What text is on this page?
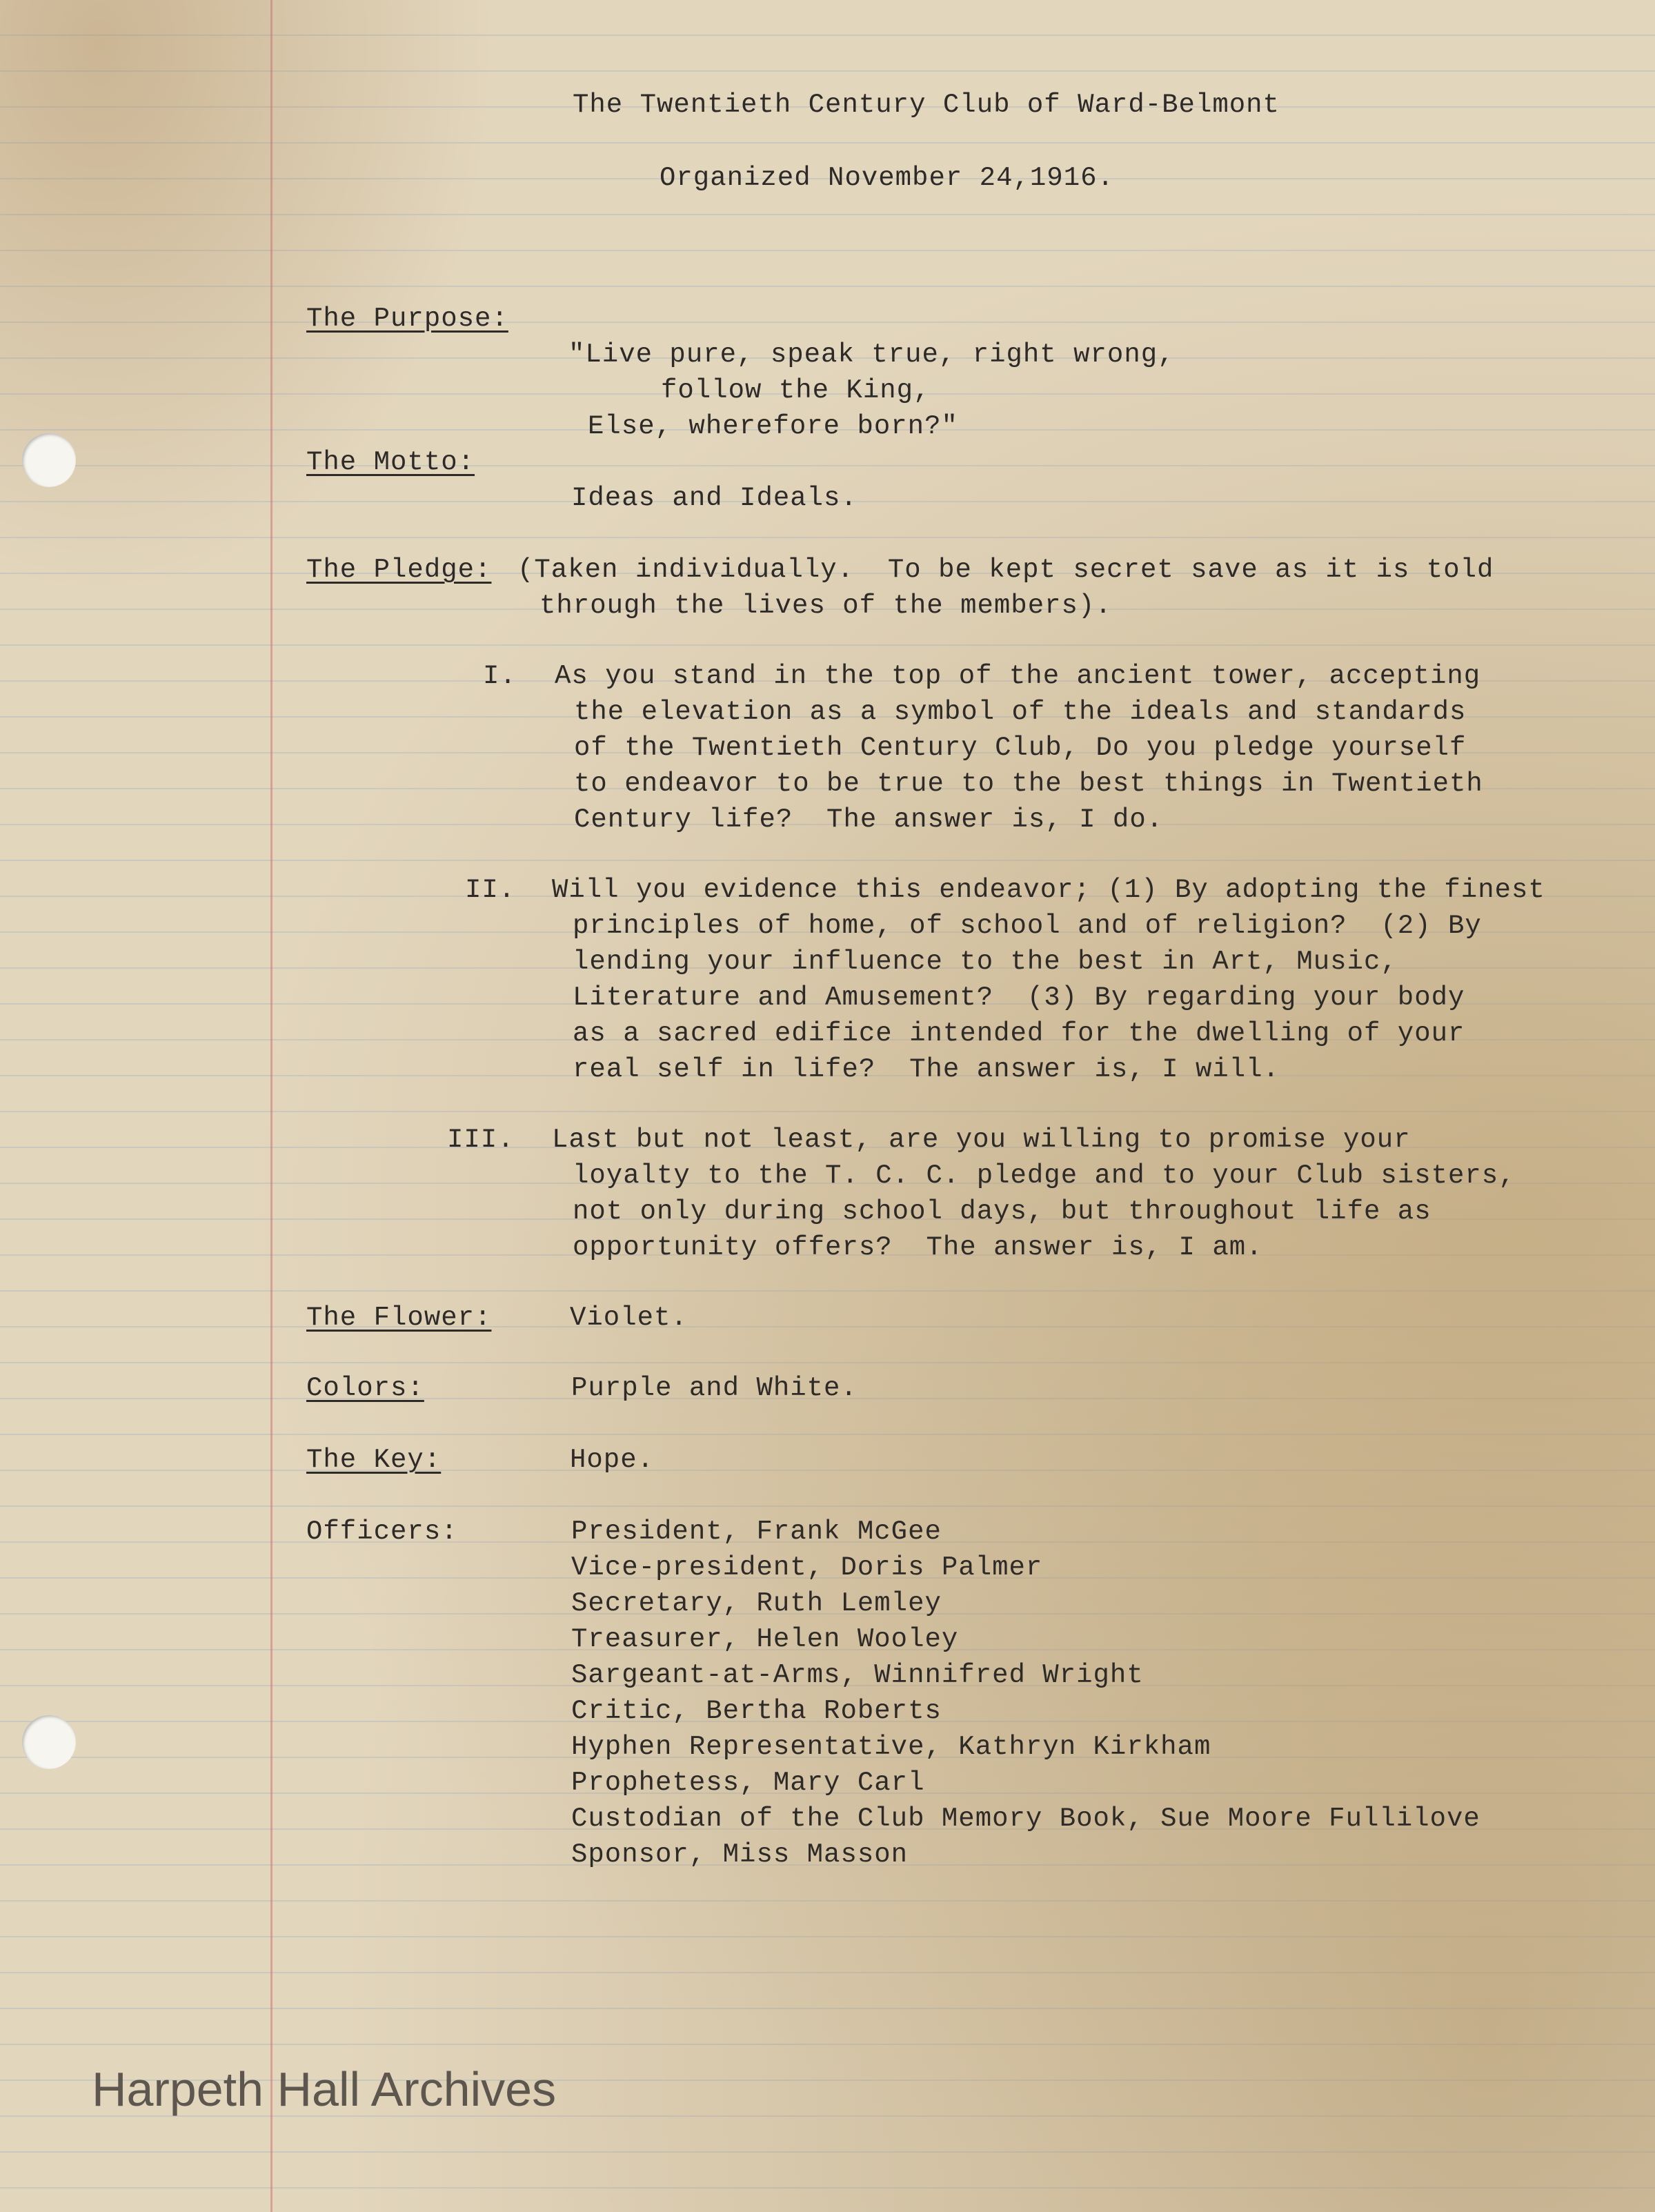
The Twentieth Century Club of Ward-Belmont
Organized November 24,1916.
The Purpose:
"Live pure, speak true, right wrong,
follow the King,
Else, wherefore born?"
The Motto:
Ideas and Ideals.
The Pledge: (Taken individually.  To be kept secret save as it is told
through the lives of the members).
I. As you stand in the top of the ancient tower, accepting
the elevation as a symbol of the ideals and standards
of the Twentieth Century Club, Do you pledge yourself
to endeavor to be true to the best things in Twentieth
Century life?  The answer is, I do.
II. Will you evidence this endeavor; (1) By adopting the finest
principles of home, of school and of religion?  (2) By
lending your influence to the best in Art, Music,
Literature and Amusement?  (3) By regarding your body
as a sacred edifice intended for the dwelling of your
real self in life?  The answer is, I will.
III. Last but not least, are you willing to promise your
loyalty to the T. C. C. pledge and to your Club sisters,
not only during school days, but throughout life as
opportunity offers?  The answer is, I am.
The Flower:	Violet.
Colors:	Purple and White.
The Key:	Hope.
Officers:	President, Frank McGee
Vice-president, Doris Palmer
Secretary, Ruth Lemley
Treasurer, Helen Wooley
Sargeant-at-Arms, Winnifred Wright
Critic, Bertha Roberts
Hyphen Representative, Kathryn Kirkham
Prophetess, Mary Carl
Custodian of the Club Memory Book, Sue Moore Fullilove
Sponsor, Miss Masson
Harpeth Hall Archives
